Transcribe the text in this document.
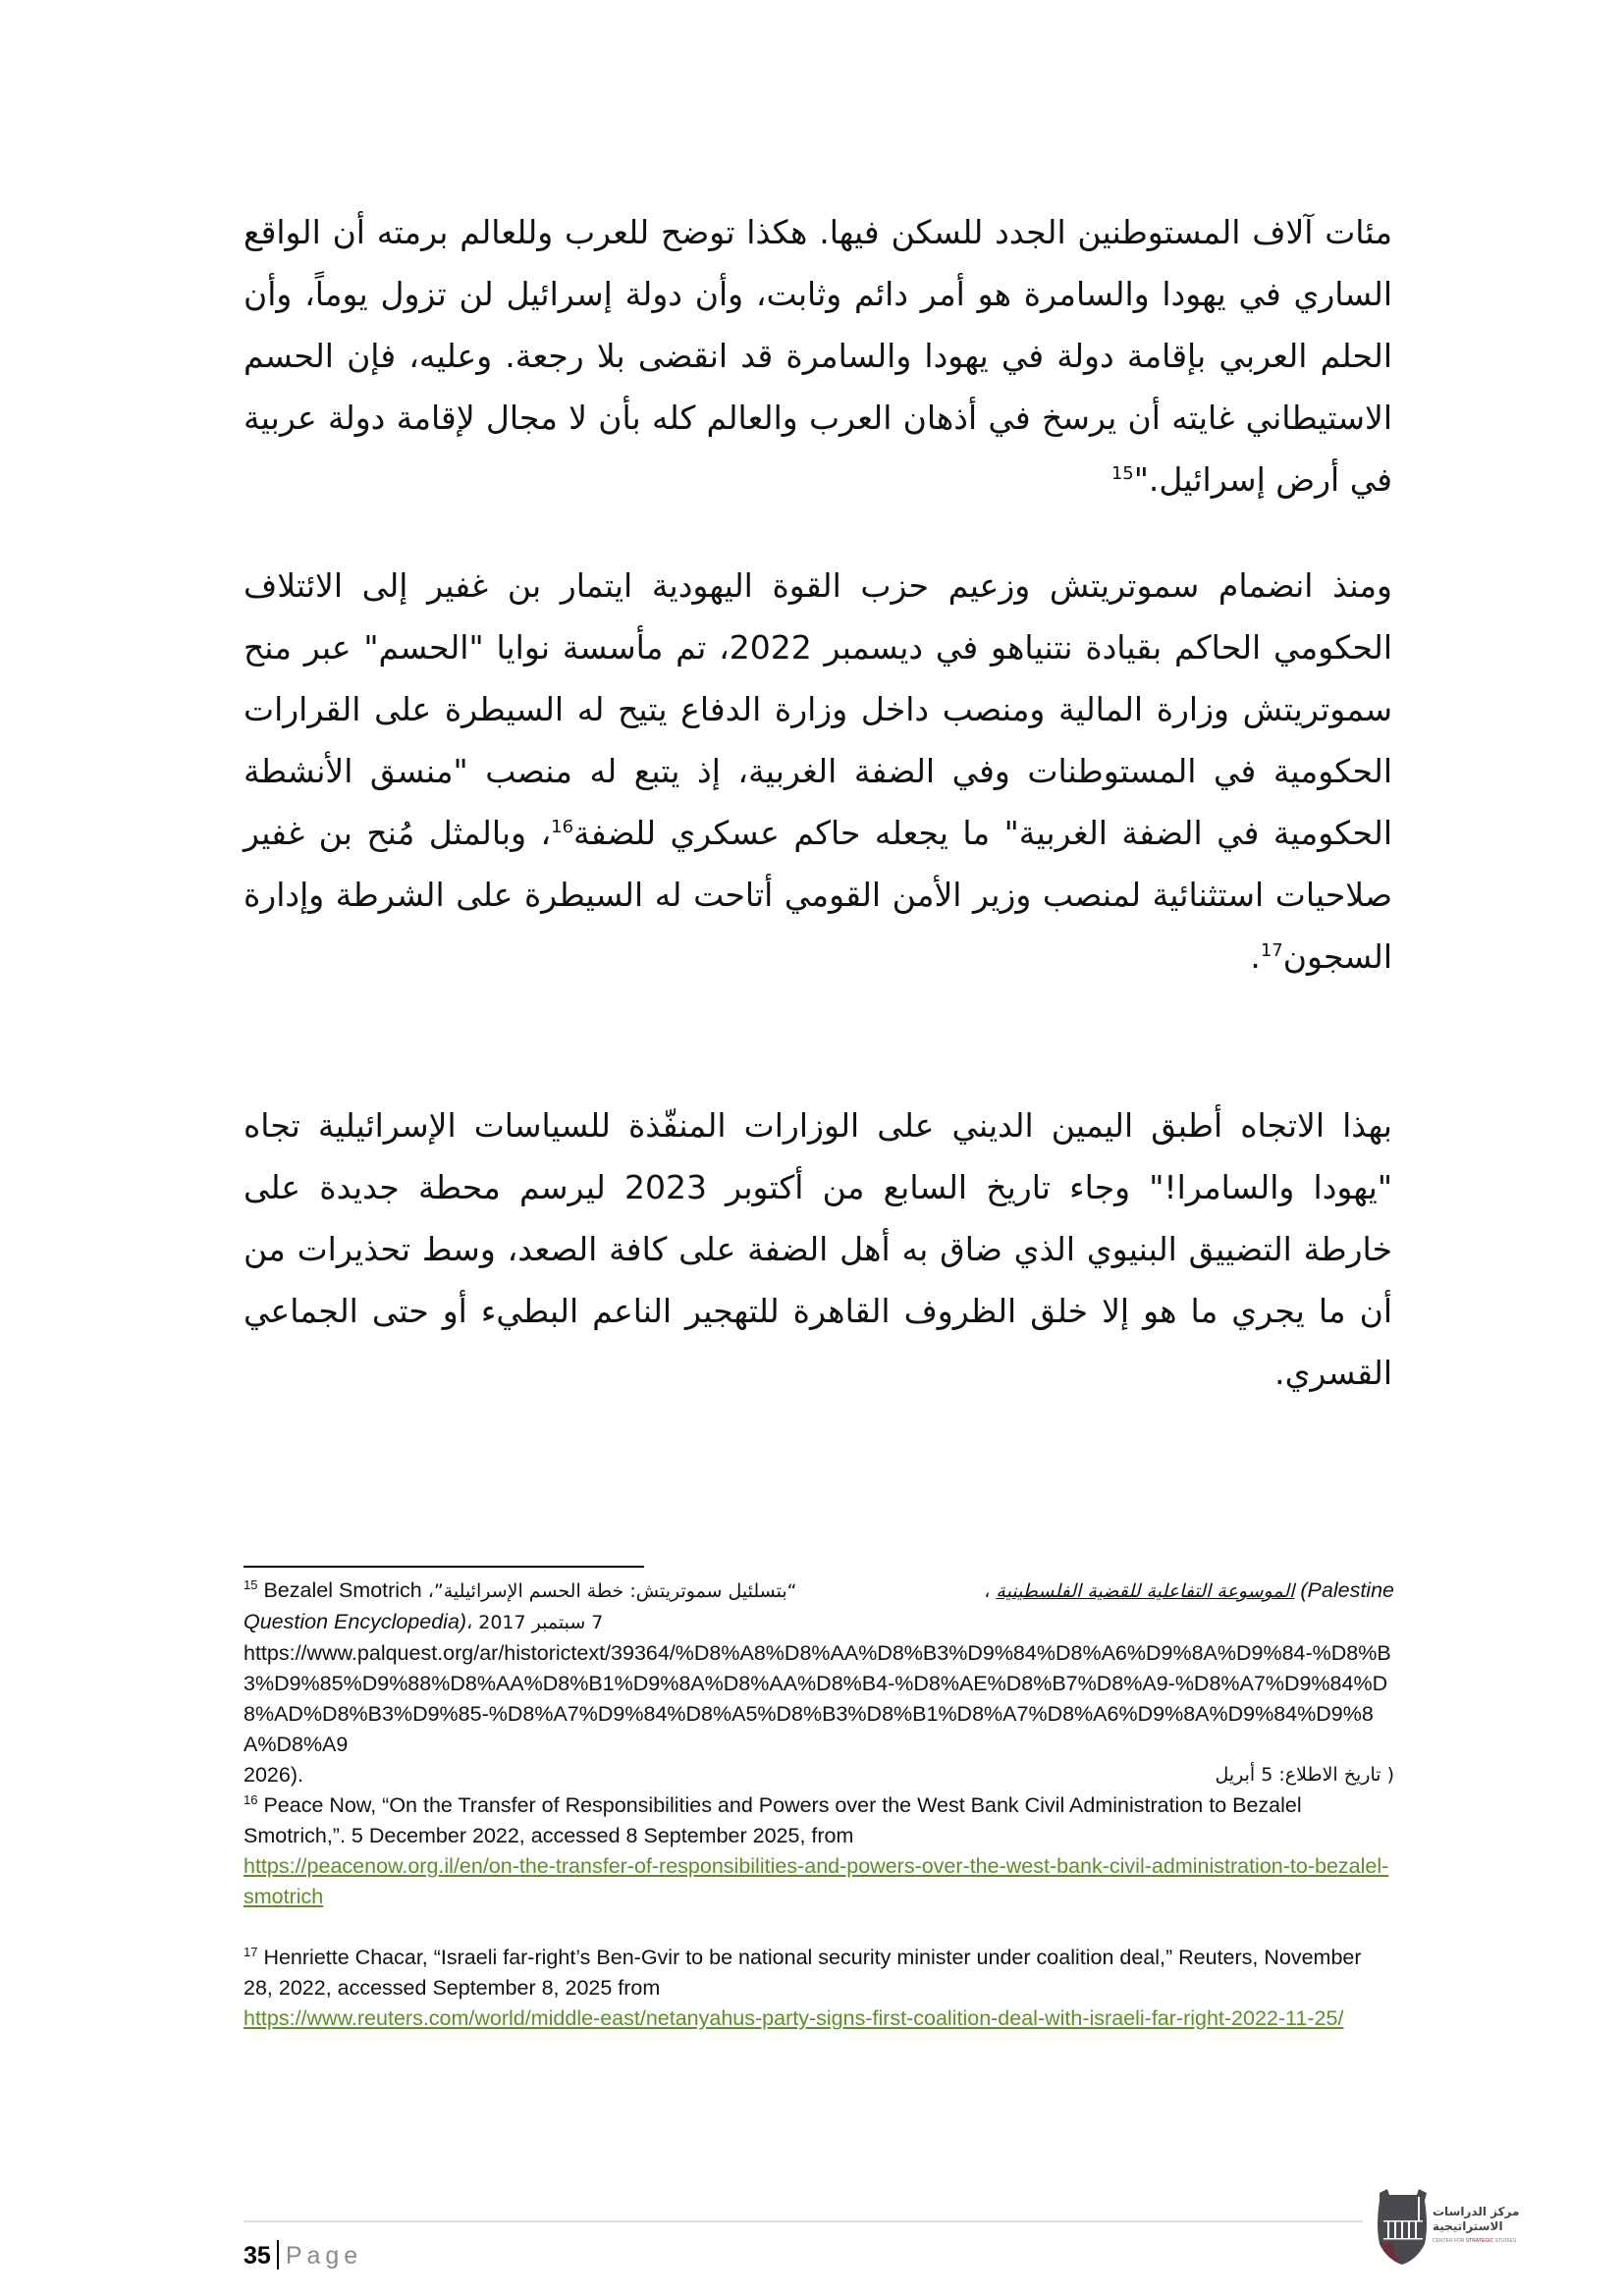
مئات آلاف المستوطنين الجدد للسكن فيها. هكذا توضح للعرب وللعالم برمته أن الواقع الساري في يهودا والسامرة هو أمر دائم وثابت، وأن دولة إسرائيل لن تزول يوماً، وأن الحلم العربي بإقامة دولة في يهودا والسامرة قد انقضى بلا رجعة. وعليه، فإن الحسم الاستيطاني غايته أن يرسخ في أذهان العرب والعالم كله بأن لا مجال لإقامة دولة عربية في أرض إسرائيل."$^{15}$

ومنذ انضمام سموتريتش وزعيم حزب القوة اليهودية ايتمار بن غفير إلى الائتلاف الحكومي الحاكم بقيادة نتنياهو في ديسمبر 2022، تم مأسسة نوايا "الحسم" عبر منح سموتريتش وزارة المالية ومنصب داخل وزارة الدفاع يتيح له السيطرة على القرارات الحكومية في المستوطنات وفي الضفة الغربية، إذ يتبع له منصب "منسق الأنشطة الحكومية في الضفة الغربية" ما يجعله حاكم عسكري للضفة$^{16}$، وبالمثل مُنح بن غفير صلاحيات استثنائية لمنصب وزير الأمن القومي أتاحت له السيطرة على الشرطة وإدارة السجون$^{17}$.

بهذا الاتجاه أطبق اليمين الديني على الوزارات المنفّذة للسياسات الإسرائيلية تجاه "يهودا والسامرا!" وجاء تاريخ السابع من أكتوبر 2023 ليرسم محطة جديدة على خارطة التضييق البنيوي الذي ضاق به أهل الضفة على كافة الصعد، وسط تحذيرات من أن ما يجري ما هو إلا خلق الظروف القاهرة للتهجير الناعم البطيء أو حتى الجماعي القسري.

$^{15}$ Bezalel Smotrich “بتسلئيل سموتريتش: خطة الحسم الإسرائيلية”،	الموسوعة التفاعلية للقضية الفلسطينية ،	(Palestine
Question Encyclopedia)7 سبتمبر 2017 ،
https://www.palquest.org/ar/historictext/39364/%D8%A8%D8%AA%D8%B3%D9%84%D8%A6%D9%8A%D9%84-%D8%B3%D9%85%D9%88%D8%AA%D8%B1%D9%8A%D8%AA%D8%B4-%D8%AE%D8%B7%D8%A9-%D8%A7%D9%84%D8%AD%D8%B3%D9%85-%D8%A7%D9%84%D8%A5%D8%B3%D8%B1%D8%A7%D8%A6%D9%8A%D9%84%D9%8A%D8%A9
2026).	( تاريخ الاطلاع: 5 أبريل
$^{16}$ Peace Now, “On the Transfer of Responsibilities and Powers over the West Bank Civil Administration to Bezalel Smotrich,”. 5 December 2022, accessed 8 September 2025, from
https://peacenow.org.il/en/on-the-transfer-of-responsibilities-and-powers-over-the-west-bank-civil-administration-to-bezalel-smotrich
$^{17}$ Henriette Chacar, “Israeli far-right’s Ben-Gvir to be national security minister under coalition deal,” Reuters, November 28, 2022, accessed September 8, 2025 from
https://www.reuters.com/world/middle-east/netanyahus-party-signs-first-coalition-deal-with-israeli-far-right-2022-11-25/
35 Page
مركز الدراسات
الاستراتيجية
CENTER FOR STRATEGIC STUDIES
